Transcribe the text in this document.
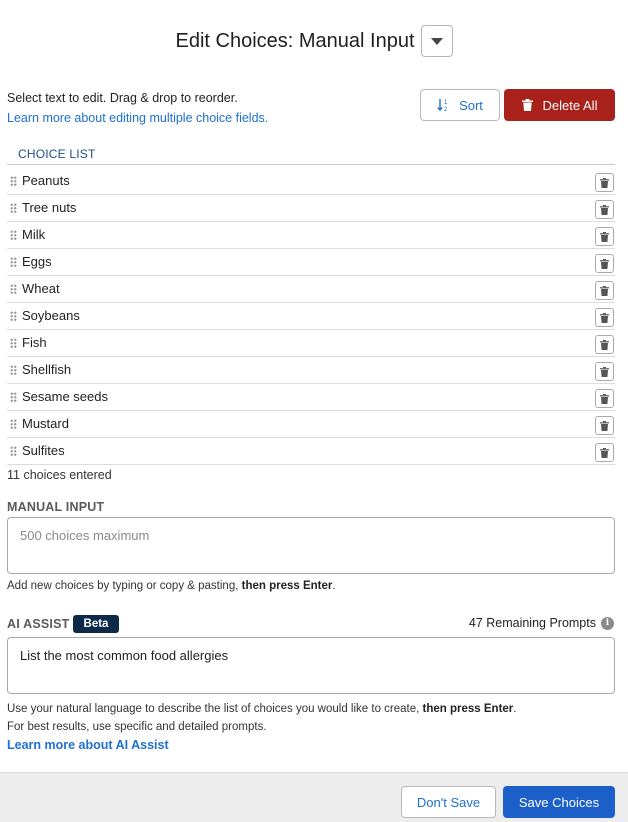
Edit Choices: Manual Input
Select text to edit. Drag & drop to reorder.
Learn more about editing multiple choice fields.
1
2 Sort	Delete All
CHOICE LIST
Peanuts
Tree nuts
Milk
Eggs
Wheat
Soybeans
Fish
Shellfish
Sesame seeds
Mustard
Sulfites
11 choices entered
MANUAL INPUT
500 choices maximum
Add new choices by typing or copy & pasting, then press Enter.
AI ASSIST	Beta	47 Remaining Prompts	i
List the most common food allergies
Use your natural language to describe the list of choices you would like to create, then press Enter.
For best results, use specific and detailed prompts.
Learn more about AI Assist
Don't Save	Save Choices
